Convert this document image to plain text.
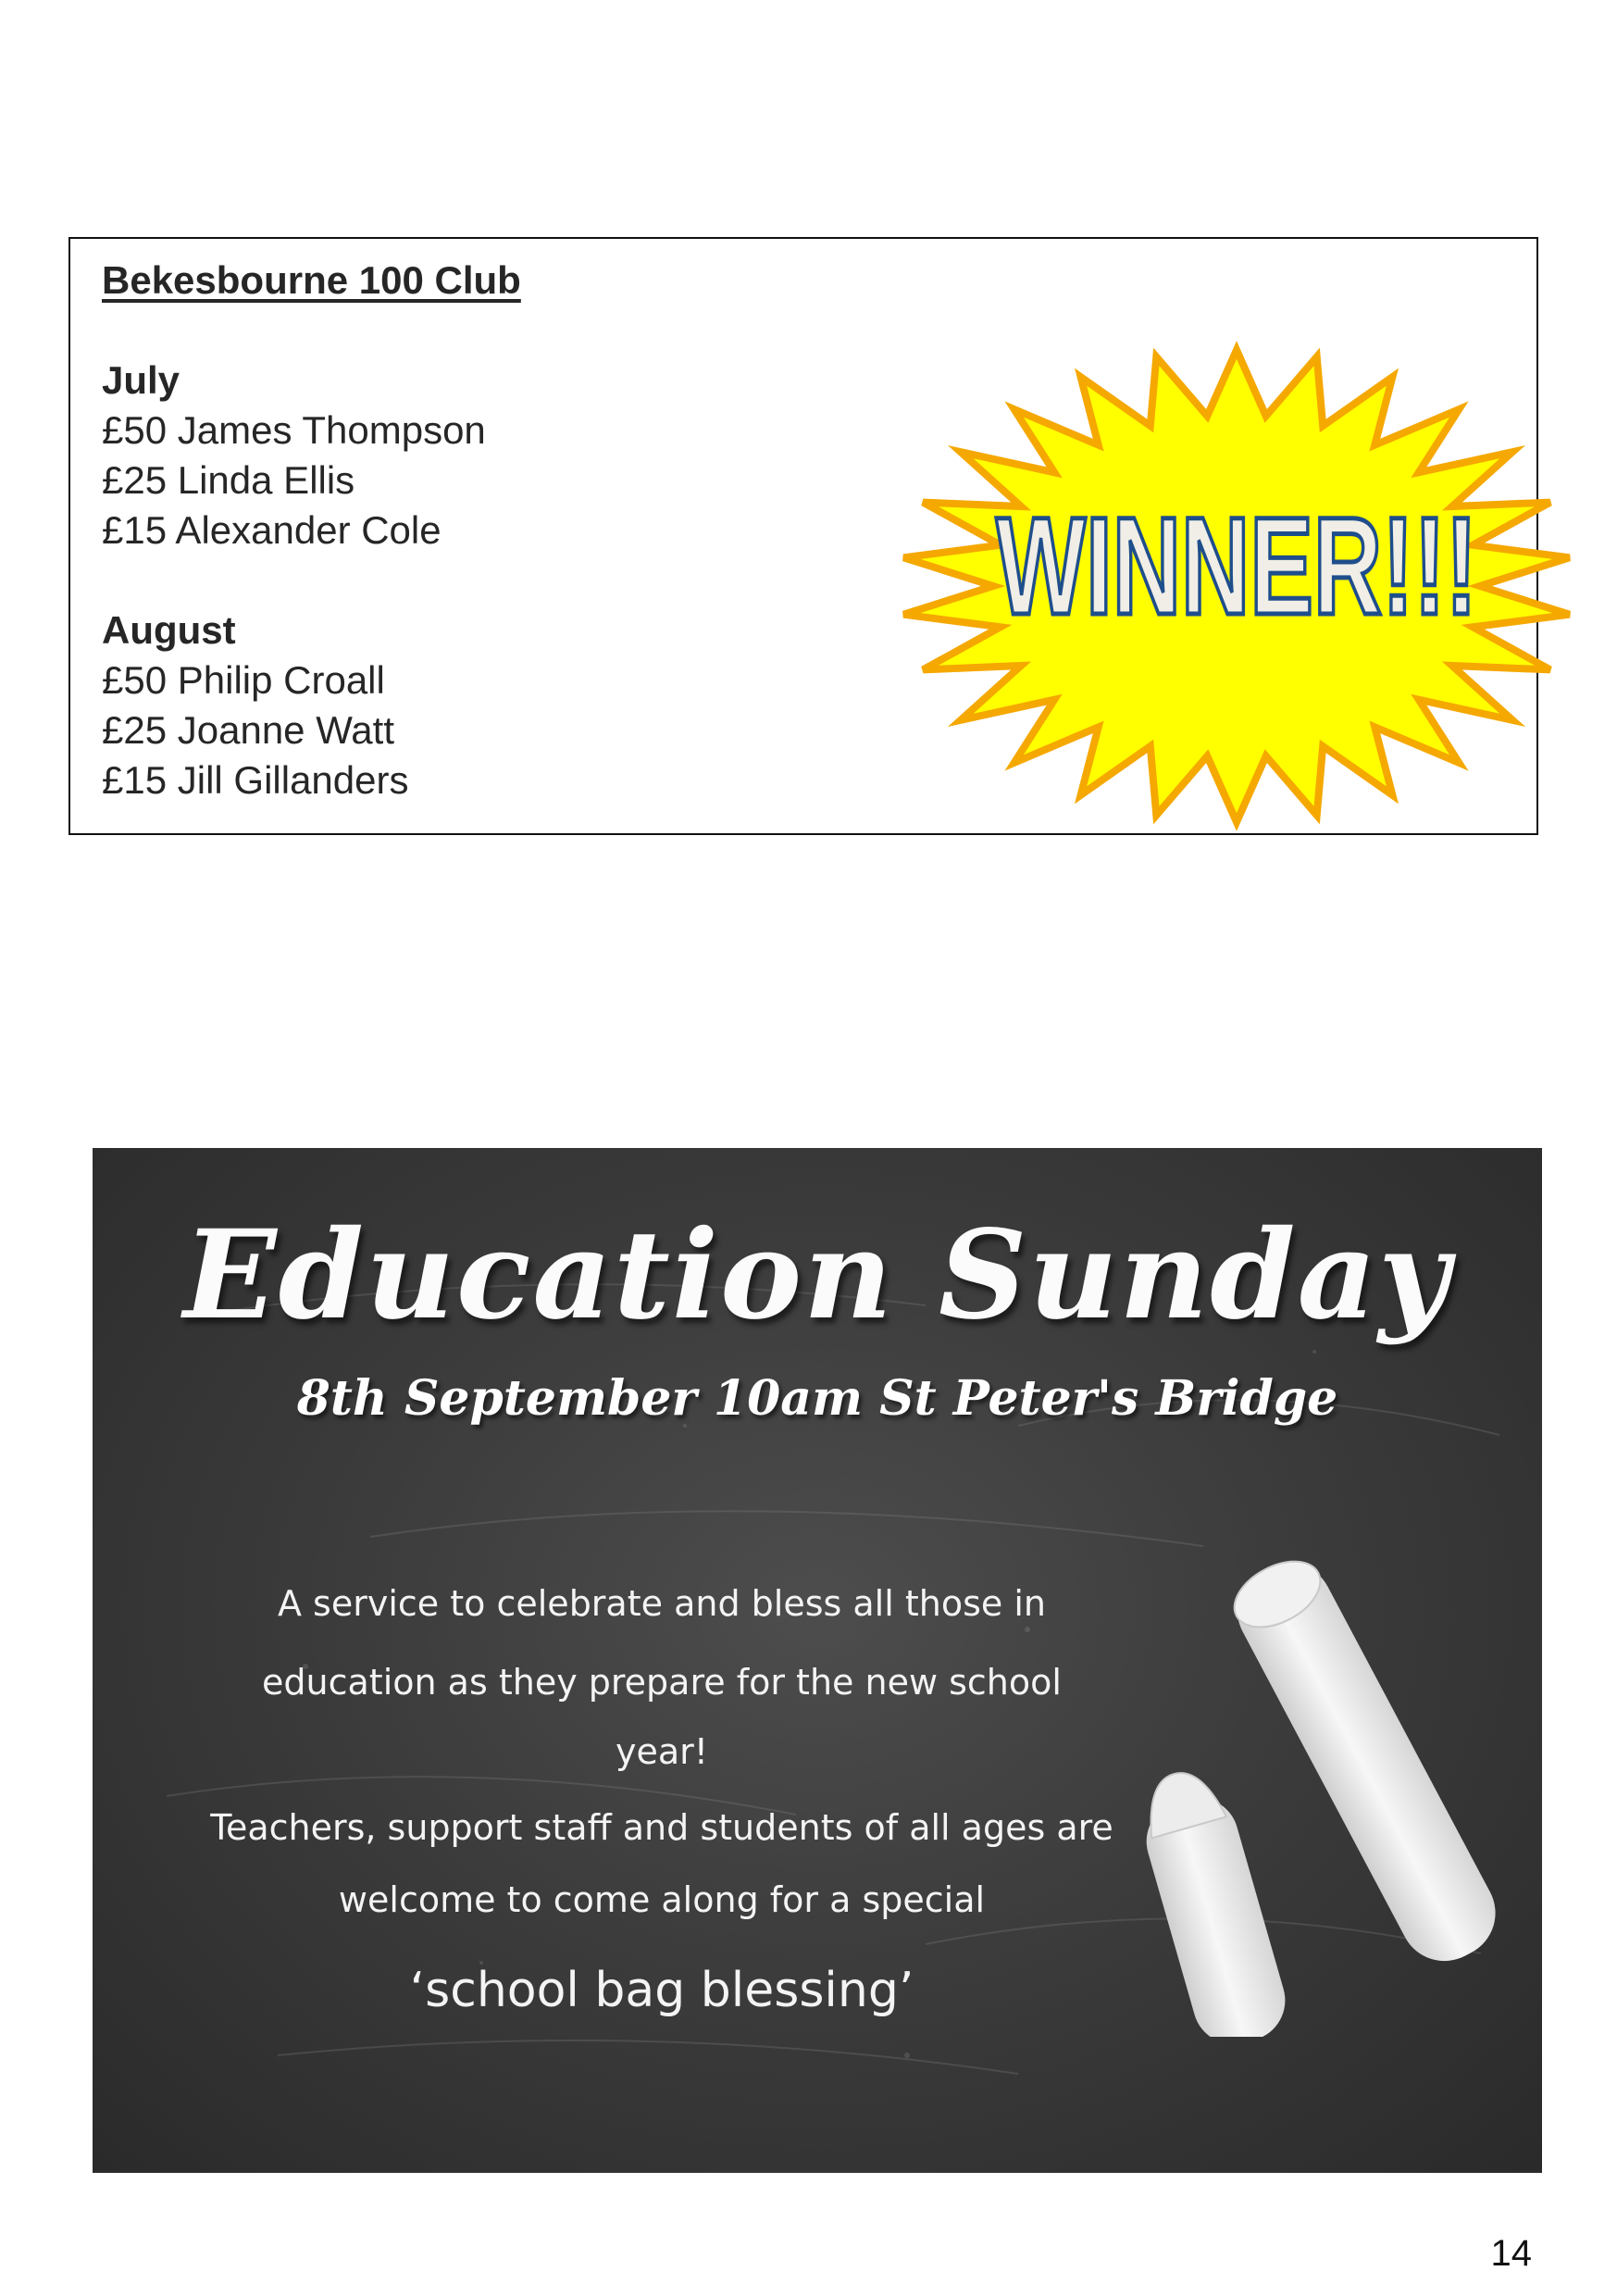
Bekesbourne 100 Club
July
£50 James Thompson
£25 Linda Ellis
£15 Alexander Cole
August
£50 Philip Croall
£25 Joanne Watt
£15 Jill Gillanders
WINNER!!!
Education Sunday
8th September 10am St Peter's Bridge
A service to celebrate and bless all those in
education as they prepare for the new school
year!
Teachers, support staff and students of all ages are
welcome to come along for a special
‘school bag blessing’
14
